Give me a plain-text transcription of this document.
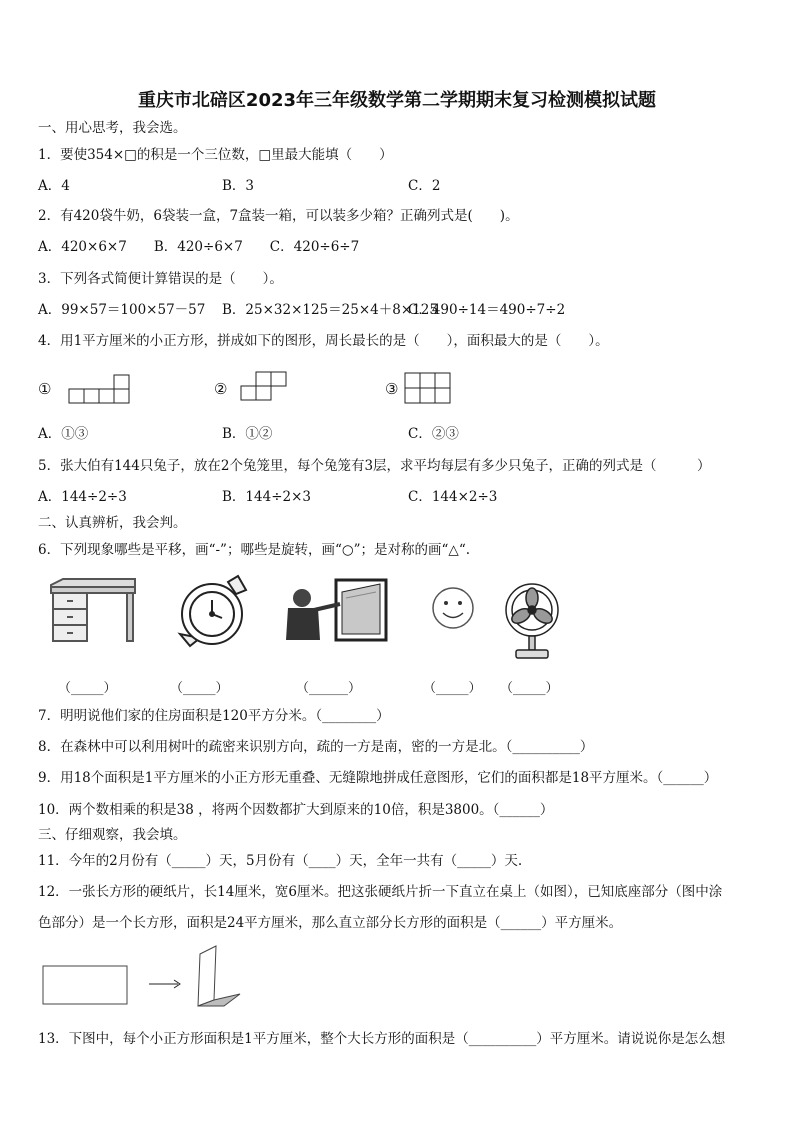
重庆市北碚区2023年三年级数学第二学期期末复习检测模拟试题
一、用心思考，我会选。
1．要使354×□的积是一个三位数，□里最大能填（　　）
A．4	B．3	C．2
2．有420袋牛奶，6袋装一盒，7盒装一箱，可以装多少箱？正确列式是(　　)。
A．420×6×7　　B．420÷6×7　　C．420÷6÷7
3．下列各式简便计算错误的是（　　）。
A．99×57＝100×57－57 B．25×32×125＝25×4＋8×125
C．490÷14＝490÷7÷2
4．用1平方厘米的小正方形，拼成如下的图形，周长最长的是（　　），面积最大的是（　　）。
①	②	③
A．①③	B．①②	C．②③
5．张大伯有144只兔子，放在2个兔笼里，每个兔笼有3层，求平均每层有多少只兔子，正确的列式是（　　　）
A．144÷2÷3	B．144÷2×3	C．144×2÷3
二、认真辨析，我会判。
6．下列现象哪些是平移，画“-”；哪些是旋转，画“○”；是对称的画“△“.
（_____）	（_____）	（______）	（_____） （_____）
7．明明说他们家的住房面积是120平方分米。（________）
8．在森林中可以利用树叶的疏密来识别方向，疏的一方是南，密的一方是北。（__________）
9．用18个面积是1平方厘米的小正方形无重叠、无缝隙地拼成任意图形，它们的面积都是18平方厘米。（______）
10．两个数相乘的积是38 ，将两个因数都扩大到原来的10倍，积是3800。（______）
三、仔细观察，我会填。
11．今年的2月份有（_____）天，5月份有（____）天，全年一共有（_____）天.
12．一张长方形的硬纸片，长14厘米，宽6厘米。把这张硬纸片折一下直立在桌上（如图），已知底座部分（图中涂
色部分）是一个长方形，面积是24平方厘米，那么直立部分长方形的面积是（______）平方厘米。
13．下图中，每个小正方形面积是1平方厘米，整个大长方形的面积是（__________）平方厘米。请说说你是怎么想
